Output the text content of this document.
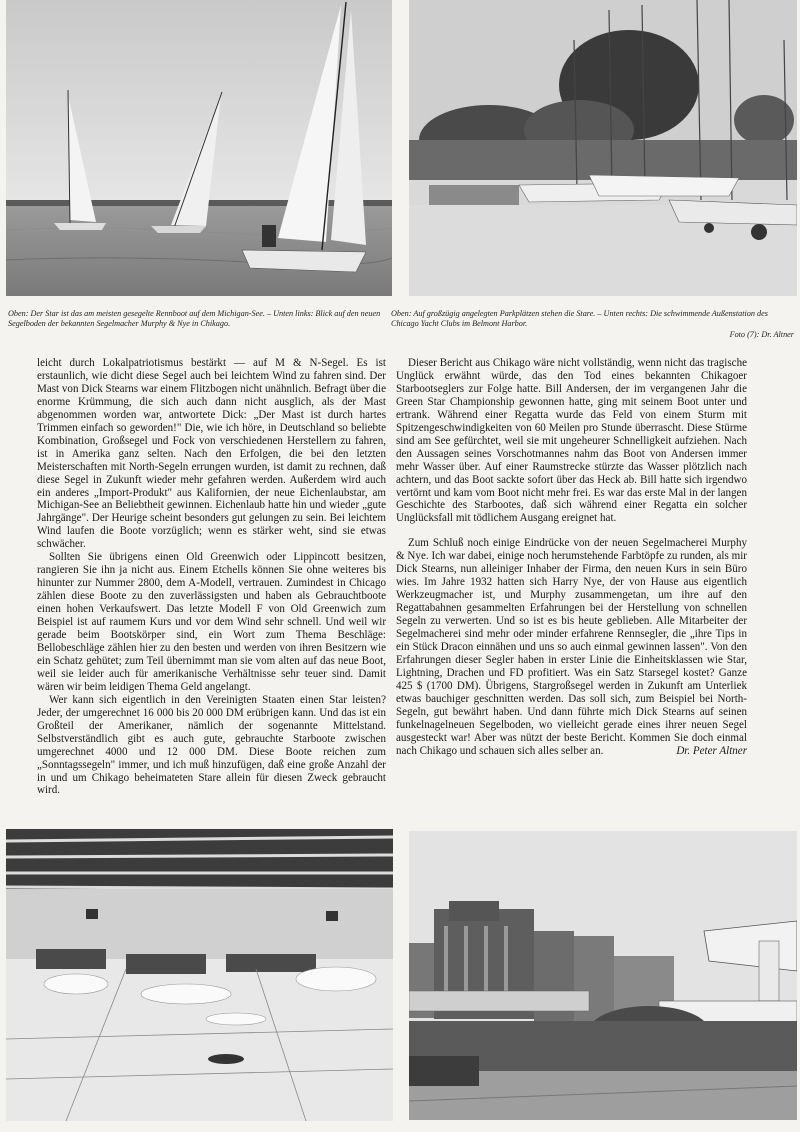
Oben: Der Star ist das am meisten gesegelte Rennboot auf dem Michigan-See. – Unten links: Blick auf den neuen Segelboden der bekannten Segelmacher Murphy & Nye in Chikago.
Oben: Auf großzügig angelegten Parkplätzen stehen die Stare. – Unten rechts: Die schwimmende Außenstation des Chicago Yacht Clubs im Belmont Harbor.
Foto (7): Dr. Altner

leicht durch Lokalpatriotismus bestärkt — auf M & N-Segel. Es ist erstaunlich, wie dicht diese Segel auch bei leichtem Wind zu fahren sind. Der Mast von Dick Stearns war einem Flitzbogen nicht unähnlich. Befragt über die enorme Krümmung, die sich auch dann nicht ausglich, als der Mast abgenommen worden war, antwortete Dick: „Der Mast ist durch hartes Trimmen einfach so geworden!" Die, wie ich höre, in Deutschland so beliebte Kombination, Großsegel und Fock von verschiedenen Herstellern zu fahren, ist in Amerika ganz selten. Nach den Erfolgen, die bei den letzten Meisterschaften mit North-Segeln errungen wurden, ist damit zu rechnen, daß diese Segel in Zukunft wieder mehr gefahren werden. Außerdem wird auch ein anderes „Import-Produkt" aus Kalifornien, der neue Eichenlaubstar, am Michigan-See an Beliebtheit gewinnen. Eichenlaub hatte hin und wieder „gute Jahrgänge". Der Heurige scheint besonders gut gelungen zu sein. Bei leichtem Wind laufen die Boote vorzüglich; wenn es stärker weht, sind sie etwas schwächer.

Sollten Sie übrigens einen Old Greenwich oder Lippincott besitzen, rangieren Sie ihn ja nicht aus. Einem Etchells können Sie ohne weiteres bis hinunter zur Nummer 2800, dem A-Modell, vertrauen. Zumindest in Chicago zählen diese Boote zu den zuverlässigsten und haben als Gebrauchtboote einen hohen Verkaufswert. Das letzte Modell F von Old Greenwich zum Beispiel ist auf raumem Kurs und vor dem Wind sehr schnell. Und weil wir gerade beim Bootskörper sind, ein Wort zum Thema Beschläge: Bellobeschläge zählen hier zu den besten und werden von ihren Besitzern wie ein Schatz gehütet; zum Teil übernimmt man sie vom alten auf das neue Boot, weil sie leider auch für amerikanische Verhältnisse sehr teuer sind. Damit wären wir beim leidigen Thema Geld angelangt.

Wer kann sich eigentlich in den Vereinigten Staaten einen Star leisten? Jeder, der umgerechnet 16 000 bis 20 000 DM erübrigen kann. Und das ist ein Großteil der Amerikaner, nämlich der sogenannte Mittelstand. Selbstverständlich gibt es auch gute, gebrauchte Starboote zwischen umgerechnet 4000 und 12 000 DM. Diese Boote reichen zum „Sonntagssegeln" immer, und ich muß hinzufügen, daß eine große Anzahl der in und um Chikago beheimateten Stare allein für diesen Zweck gebraucht wird.

Dieser Bericht aus Chikago wäre nicht vollständig, wenn nicht das tragische Unglück erwähnt würde, das den Tod eines bekannten Chikagoer Starbootseglers zur Folge hatte. Bill Andersen, der im vergangenen Jahr die Green Star Championship gewonnen hatte, ging mit seinem Boot unter und ertrank. Während einer Regatta wurde das Feld von einem Sturm mit Spitzengeschwindigkeiten von 60 Meilen pro Stunde überrascht. Diese Stürme sind am See gefürchtet, weil sie mit ungeheurer Schnelligkeit aufziehen. Nach den Aussagen seines Vorschotmannes nahm das Boot von Andersen immer mehr Wasser über. Auf einer Raumstrecke stürzte das Wasser plötzlich nach achtern, und das Boot sackte sofort über das Heck ab. Bill hatte sich irgendwo vertörnt und kam vom Boot nicht mehr frei. Es war das erste Mal in der langen Geschichte des Starbootes, daß sich während einer Regatta ein solcher Unglücksfall mit tödlichem Ausgang ereignet hat.

Zum Schluß noch einige Eindrücke von der neuen Segelmacherei Murphy & Nye. Ich war dabei, einige noch herumstehende Farbtöpfe zu runden, als mir Dick Stearns, nun alleiniger Inhaber der Firma, den neuen Kurs in sein Büro wies. Im Jahre 1932 hatten sich Harry Nye, der von Hause aus eigentlich Werkzeugmacher ist, und Murphy zusammengetan, um ihre auf den Regattabahnen gesammelten Erfahrungen bei der Herstellung von schnellen Segeln zu verwerten. Und so ist es bis heute geblieben. Alle Mitarbeiter der Segelmacherei sind mehr oder minder erfahrene Rennsegler, die „ihre Tips in ein Stück Dracon einnähen und uns so auch einmal gewinnen lassen". Von den Erfahrungen dieser Segler haben in erster Linie die Einheitsklassen wie Star, Lightning, Drachen und FD profitiert. Was ein Satz Starsegel kostet? Ganze 425 $ (1700 DM). Übrigens, Stargroßsegel werden in Zukunft am Unterliek etwas bauchiger geschnitten werden. Das soll sich, zum Beispiel bei North-Segeln, gut bewährt haben. Und dann führte mich Dick Stearns auf seinen funkelnagelneuen Segelboden, wo vielleicht gerade eines ihrer neuen Segel ausgesteckt war! Aber was nützt der beste Bericht. Kommen Sie doch einmal nach Chikago und schauen sich alles selber an.	Dr. Peter Altner
